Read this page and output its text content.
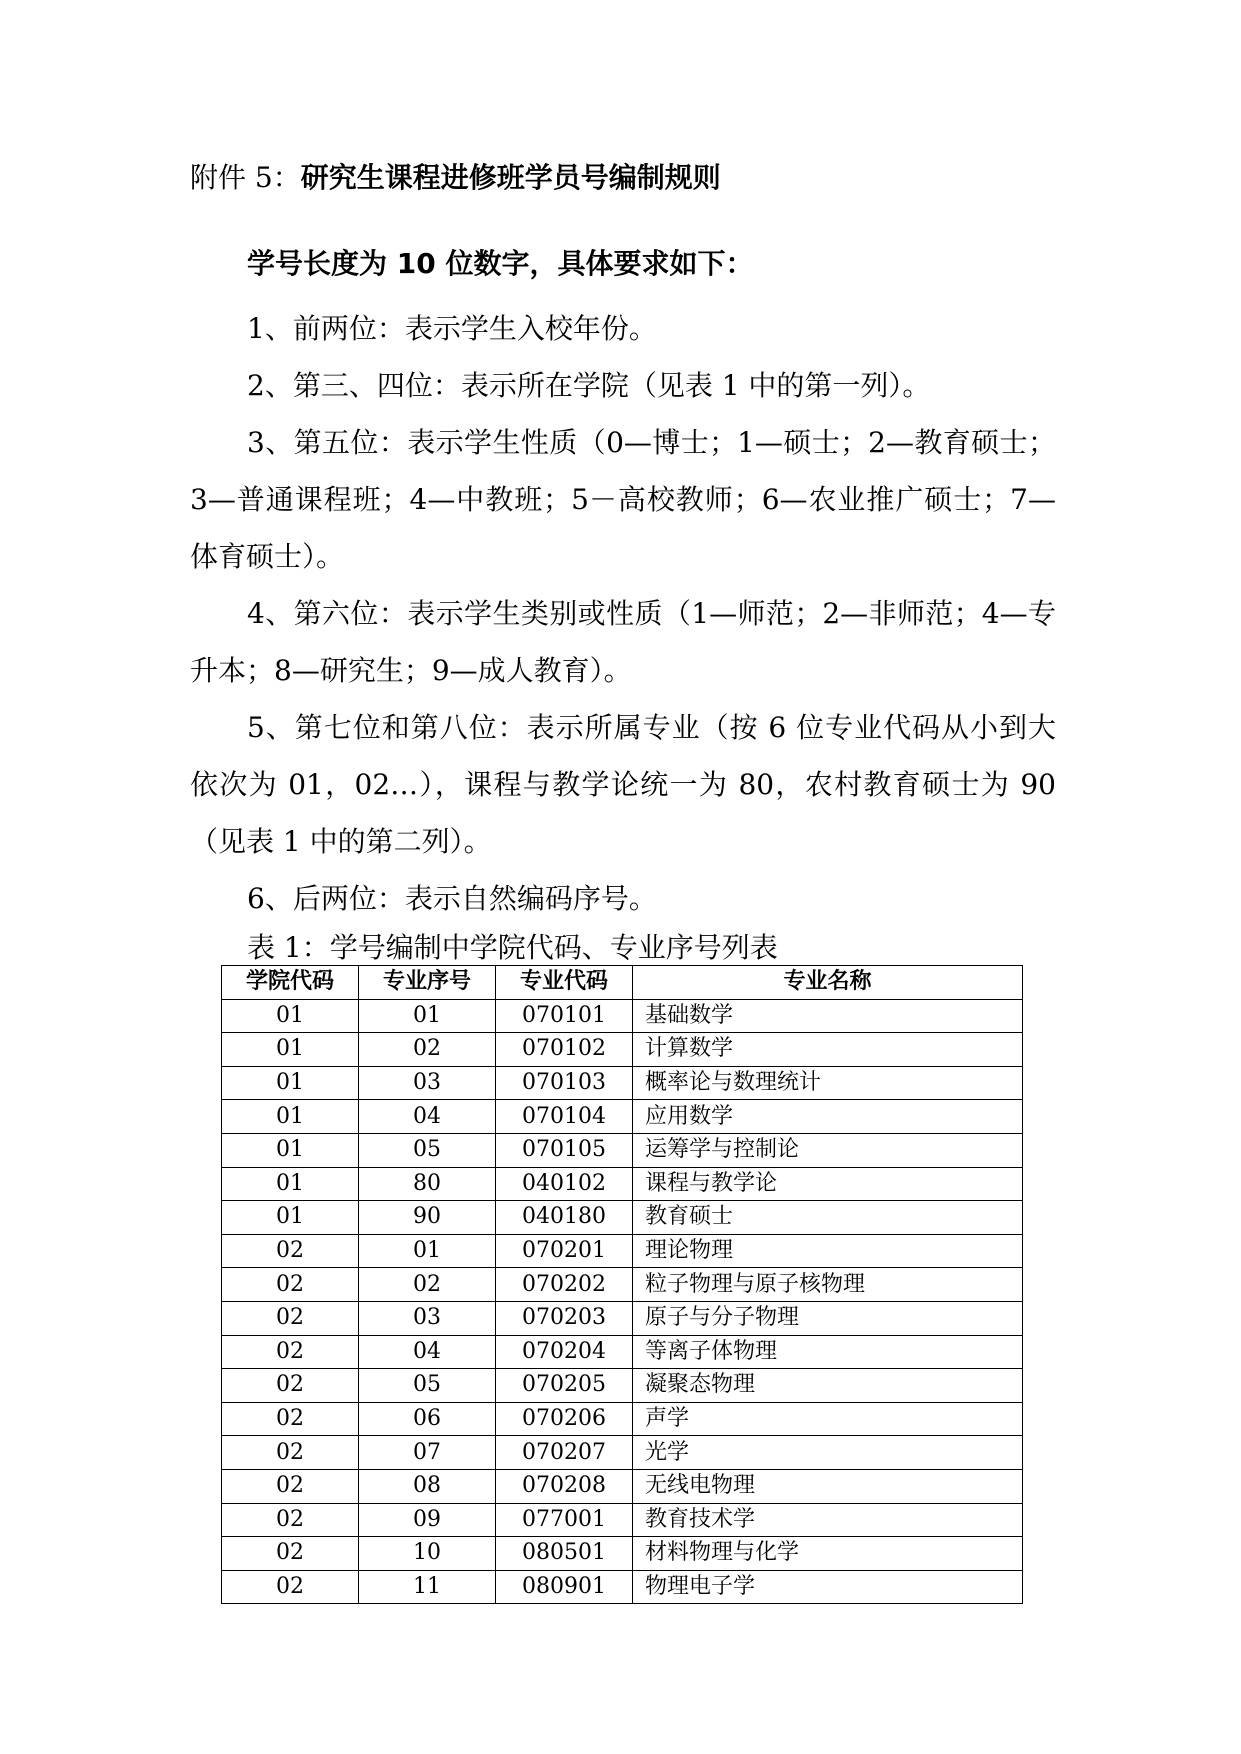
附件 5：研究生课程进修班学员号编制规则
学号长度为 10 位数字，具体要求如下：

1、前两位：表示学生入校年份。

2、第三、四位：表示所在学院（见表 1 中的第一列）。

3、第五位：表示学生性质（0—博士；1—硕士；2—教育硕士；3—普通课程班；4—中教班；5－高校教师；6—农业推广硕士；7—体育硕士）。

4、第六位：表示学生类别或性质（1—师范；2—非师范；4—专升本；8—研究生；9—成人教育）。

5、第七位和第八位：表示所属专业（按 6 位专业代码从小到大依次为 01，02…），课程与教学论统一为 80，农村教育硕士为 90（见表 1 中的第二列）。

6、后两位：表示自然编码序号。

表 1：学号编制中学院代码、专业序号列表
学院代码	专业序号	专业代码	专业名称
01	01	070101	基础数学
01	02	070102	计算数学
01	03	070103	概率论与数理统计
01	04	070104	应用数学
01	05	070105	运筹学与控制论
01	80	040102	课程与教学论
01	90	040180	教育硕士
02	01	070201	理论物理
02	02	070202	粒子物理与原子核物理
02	03	070203	原子与分子物理
02	04	070204	等离子体物理
02	05	070205	凝聚态物理
02	06	070206	声学
02	07	070207	光学
02	08	070208	无线电物理
02	09	077001	教育技术学
02	10	080501	材料物理与化学
02	11	080901	物理电子学
